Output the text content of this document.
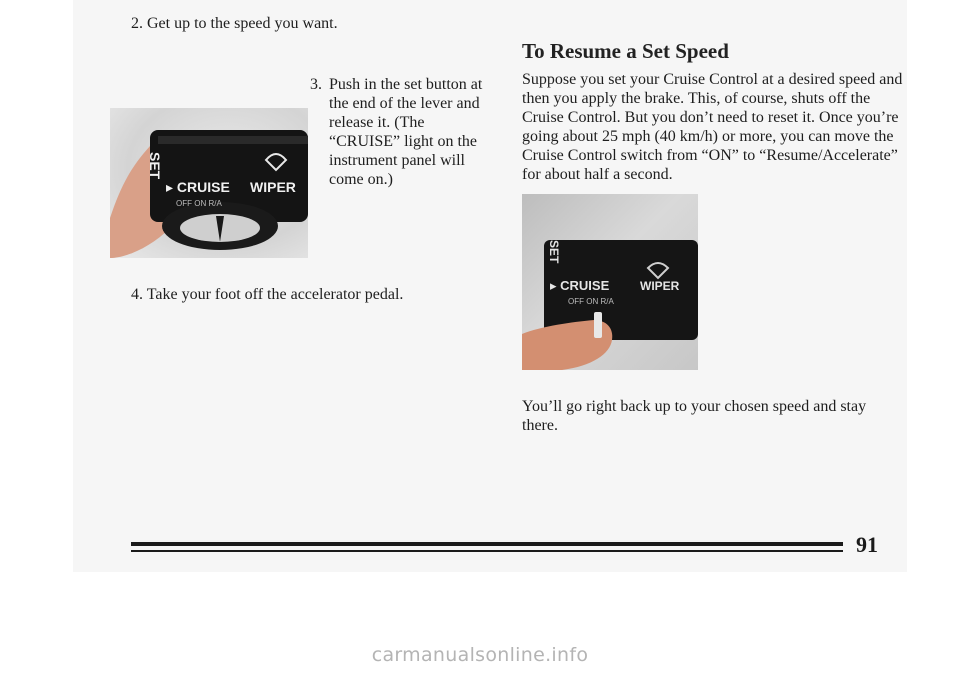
2. Get up to the speed you want.

SET
▸ CRUISE WIPER
OFF ON R/A
3. Push in the set button at the end of the lever and release it. (The “CRUISE” light on the instrument panel will come on.)

4. Take your foot off the accelerator pedal.

To Resume a Set Speed

Suppose you set your Cruise Control at a desired speed and then you apply the brake. This, of course, shuts off the Cruise Control. But you don’t need to reset it. Once you’re going about 25 mph (40 km/h) or more, you can move the Cruise Control switch from “ON” to “Resume/Accelerate” for about half a second.

SET
▸ CRUISE	WIPER
OFF ON R/A

You’ll go right back up to your chosen speed and stay there.

91

carmanualsonline.info
